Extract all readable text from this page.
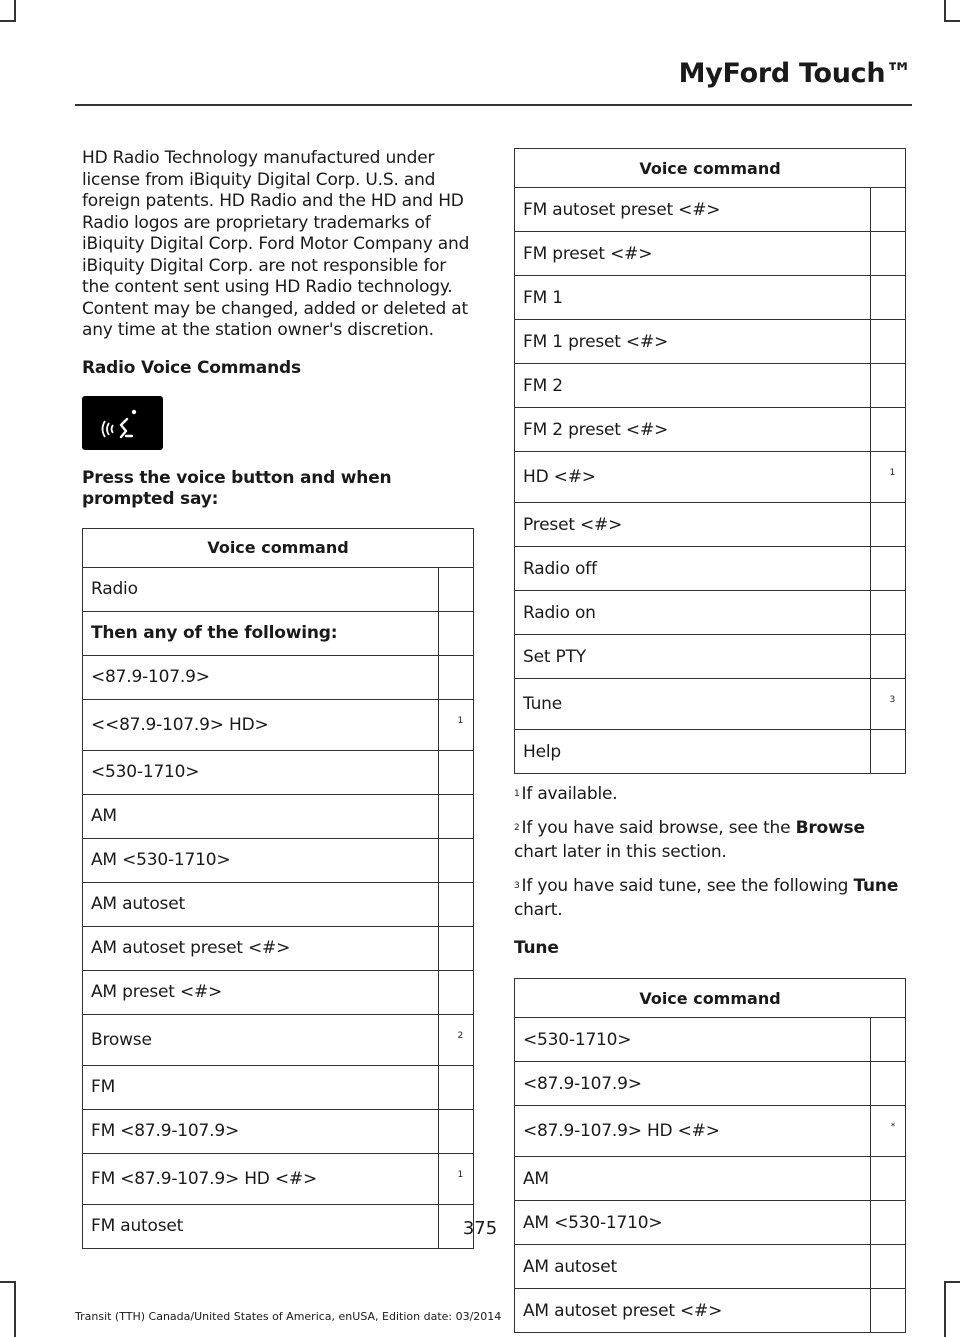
MyFord Touch™

HD Radio Technology manufactured under license from iBiquity Digital Corp. U.S. and foreign patents. HD Radio and the HD and HD Radio logos are proprietary trademarks of iBiquity Digital Corp. Ford Motor Company and iBiquity Digital Corp. are not responsible for the content sent using HD Radio technology. Content may be changed, added or deleted at any time at the station owner's discretion.

Radio Voice Commands
Press the voice button and when prompted say:
Voice command	
Radio	
Then any of the following:	
<87.9-107.9>	
<<87.9-107.9> HD>	1
<530-1710>	
AM	
AM <530-1710>	
AM autoset	
AM autoset preset <#>	
AM preset <#>	
Browse	2
FM	
FM <87.9-107.9>	
FM <87.9-107.9> HD <#>	1
FM autoset	
Voice command	
FM autoset preset <#>	
FM preset <#>	
FM 1	
FM 1 preset <#>	
FM 2	
FM 2 preset <#>	
HD <#>	1
Preset <#>	
Radio off	
Radio on	
Set PTY	
Tune	3
Help	
$^1$ If available.
$^2$ If you have said browse, see the Browse chart later in this section.
$^3$ If you have said tune, see the following Tune chart.
Tune
Voice command	
<530-1710>	
<87.9-107.9>	
<87.9-107.9> HD <#>	*
AM	
AM <530-1710>	
AM autoset	
AM autoset preset <#>	
375
Transit (TTH) Canada/United States of America, enUSA, Edition date: 03/2014
